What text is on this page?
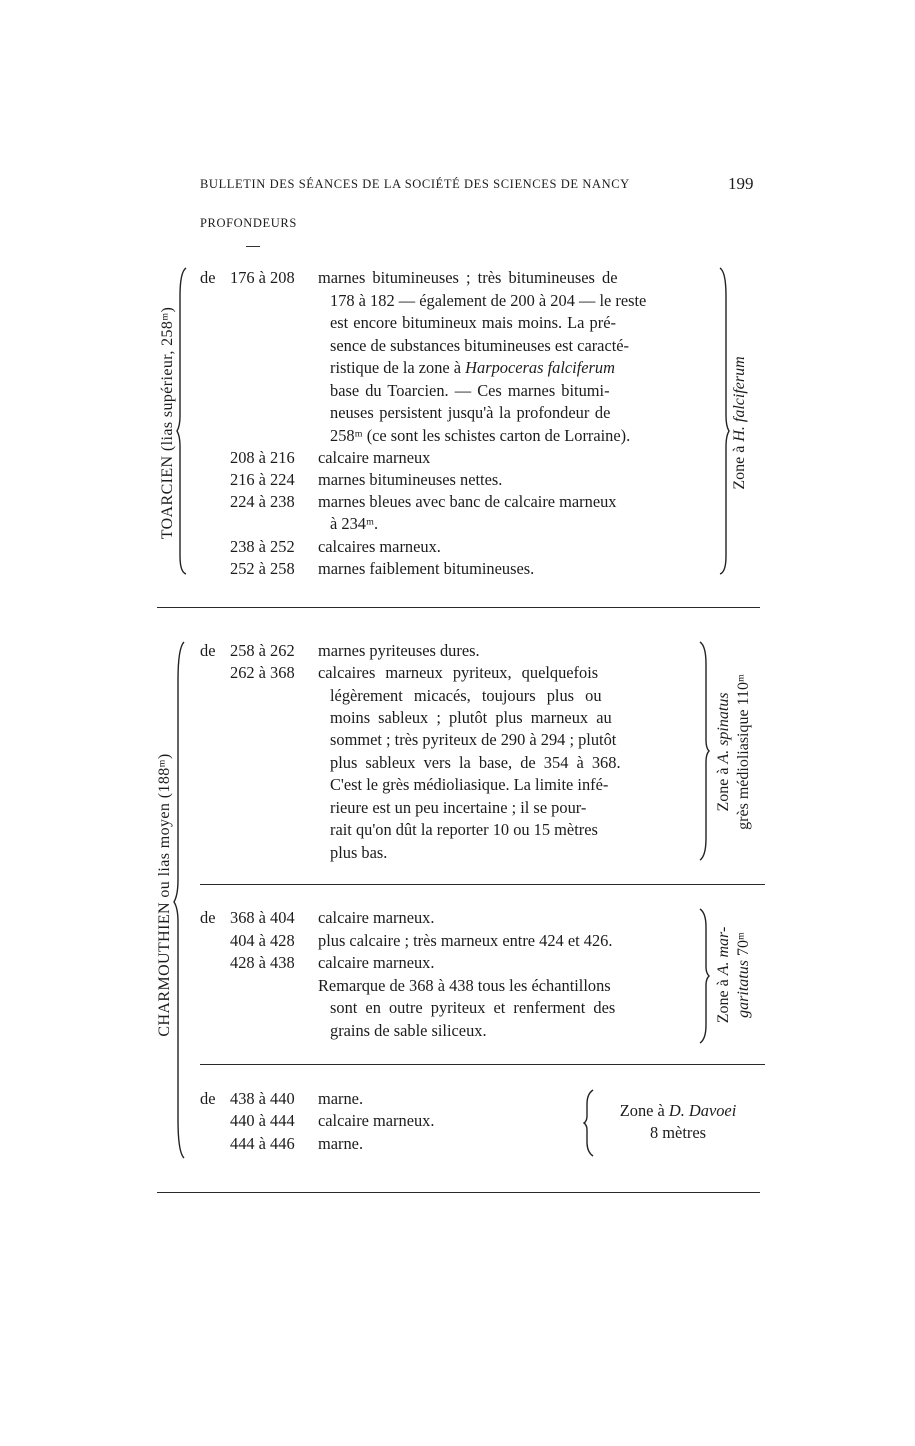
BULLETIN DES SÉANCES DE LA SOCIÉTÉ DES SCIENCES DE NANCY	199
PROFONDEURS
TOARCIEN (lias supérieur, 258ᵐ)
de 176 à 208 marnes bitumineuses ; très bitumineuses de
178 à 182 — également de 200 à 204 — le reste
est encore bitumineux mais moins. La pré-
sence de substances bitumineuses est caracté-
ristique de la zone à Harpoceras falciferum
base du Toarcien. — Ces marnes bitumi-
neuses persistent jusqu'à la profondeur de
258ᵐ (ce sont les schistes carton de Lorraine).
208 à 216 calcaire marneux
216 à 224 marnes bitumineuses nettes.
224 à 238 marnes bleues avec banc de calcaire marneux
à 234ᵐ.
238 à 252 calcaires marneux.
252 à 258 marnes faiblement bitumineuses.
Zone à H. falciferum
CHARMOUTHIEN ou lias moyen (188ᵐ)
de 258 à 262 marnes pyriteuses dures.
262 à 368 calcaires marneux pyriteux, quelquefois
légèrement micacés, toujours plus ou
moins sableux ; plutôt plus marneux au
sommet ; très pyriteux de 290 à 294 ; plutôt
plus sableux vers la base, de 354 à 368.
C'est le grès médioliasique. La limite infé-
rieure est un peu incertaine ; il se pour-
rait qu'on dût la reporter 10 ou 15 mètres
plus bas.
Zone à A. spinatus grès médioliasique 110ᵐ
de 368 à 404 calcaire marneux.
404 à 428 plus calcaire ; très marneux entre 424 et 426.
428 à 438 calcaire marneux.
Remarque de 368 à 438 tous les échantillons
sont en outre pyriteux et renferment des
grains de sable siliceux.
Zone à A. mar-
garitatus 70ᵐ
de 438 à 440 marne.
440 à 444 calcaire marneux.
444 à 446 marne.
Zone à D. Davoei
8 mètres
